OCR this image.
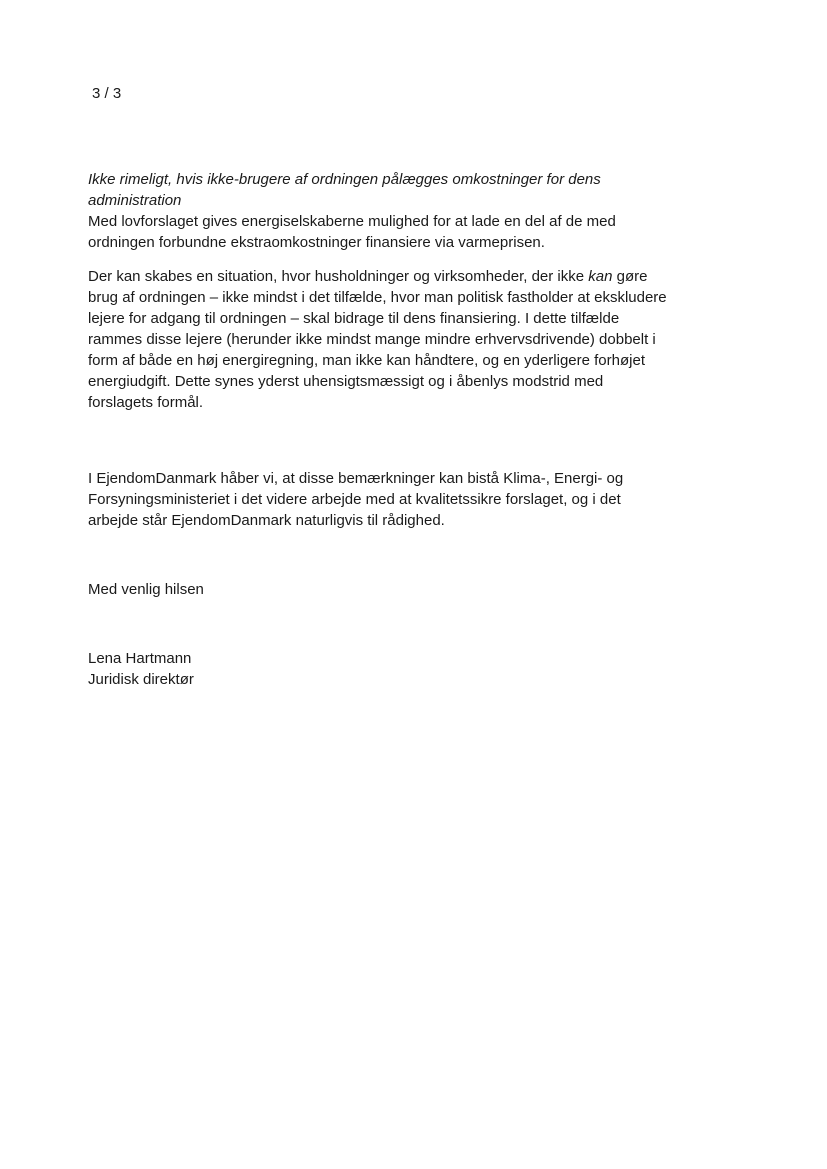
3 / 3

Ikke rimeligt, hvis ikke-brugere af ordningen pålægges omkostninger for dens administration

Med lovforslaget gives energiselskaberne mulighed for at lade en del af de med ordningen forbundne ekstraomkostninger finansiere via varmeprisen.

Der kan skabes en situation, hvor husholdninger og virksomheder, der ikke kan gøre brug af ordningen – ikke mindst i det tilfælde, hvor man politisk fastholder at ekskludere lejere for adgang til ordningen – skal bidrage til dens finansiering. I dette tilfælde rammes disse lejere (herunder ikke mindst mange mindre erhvervsdrivende) dobbelt i form af både en høj energiregning, man ikke kan håndtere, og en yderligere forhøjet energiudgift. Dette synes yderst uhensigtsmæssigt og i åbenlys modstrid med forslagets formål.

I EjendomDanmark håber vi, at disse bemærkninger kan bistå Klima-, Energi- og Forsyningsministeriet i det videre arbejde med at kvalitetssikre forslaget, og i det arbejde står EjendomDanmark naturligvis til rådighed.

Med venlig hilsen

Lena Hartmann

Juridisk direktør
